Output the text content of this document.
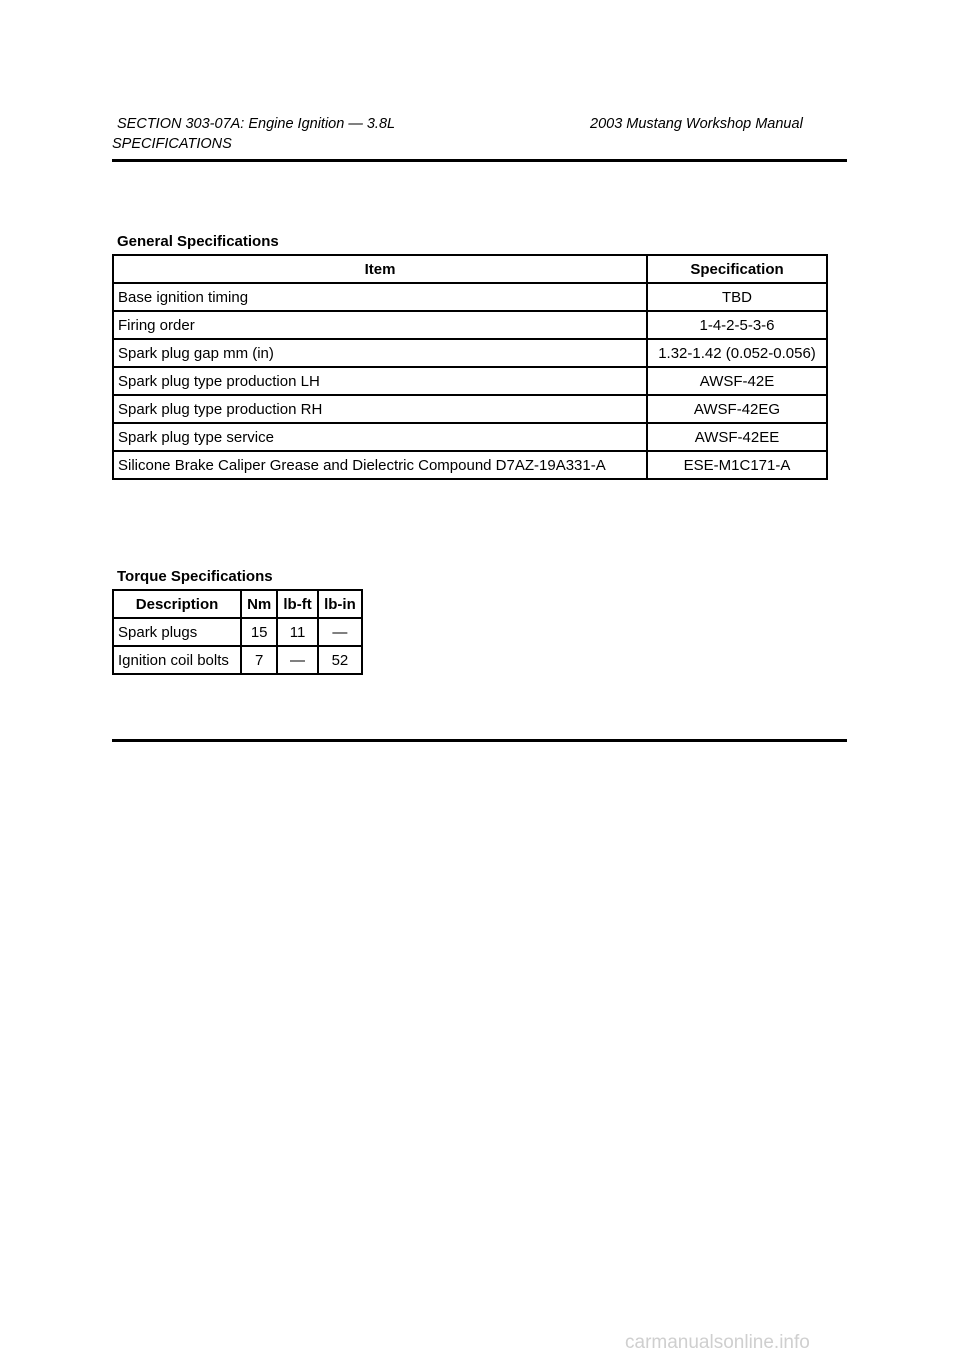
SECTION 303-07A: Engine Ignition — 3.8L	2003 Mustang Workshop Manual
SPECIFICATIONS
General Specifications
Item	Specification
Base ignition timing	TBD
Firing order	1-4-2-5-3-6
Spark plug gap mm (in)	1.32-1.42 (0.052-0.056)
Spark plug type production LH	AWSF-42E
Spark plug type production RH	AWSF-42EG
Spark plug type service	AWSF-42EE
Silicone Brake Caliper Grease and Dielectric Compound D7AZ-19A331-A	ESE-M1C171-A
Torque Specifications
Description	Nm	lb-ft	lb-in
Spark plugs	15	11	—
Ignition coil bolts	7	—	52
carmanualsonline.info
